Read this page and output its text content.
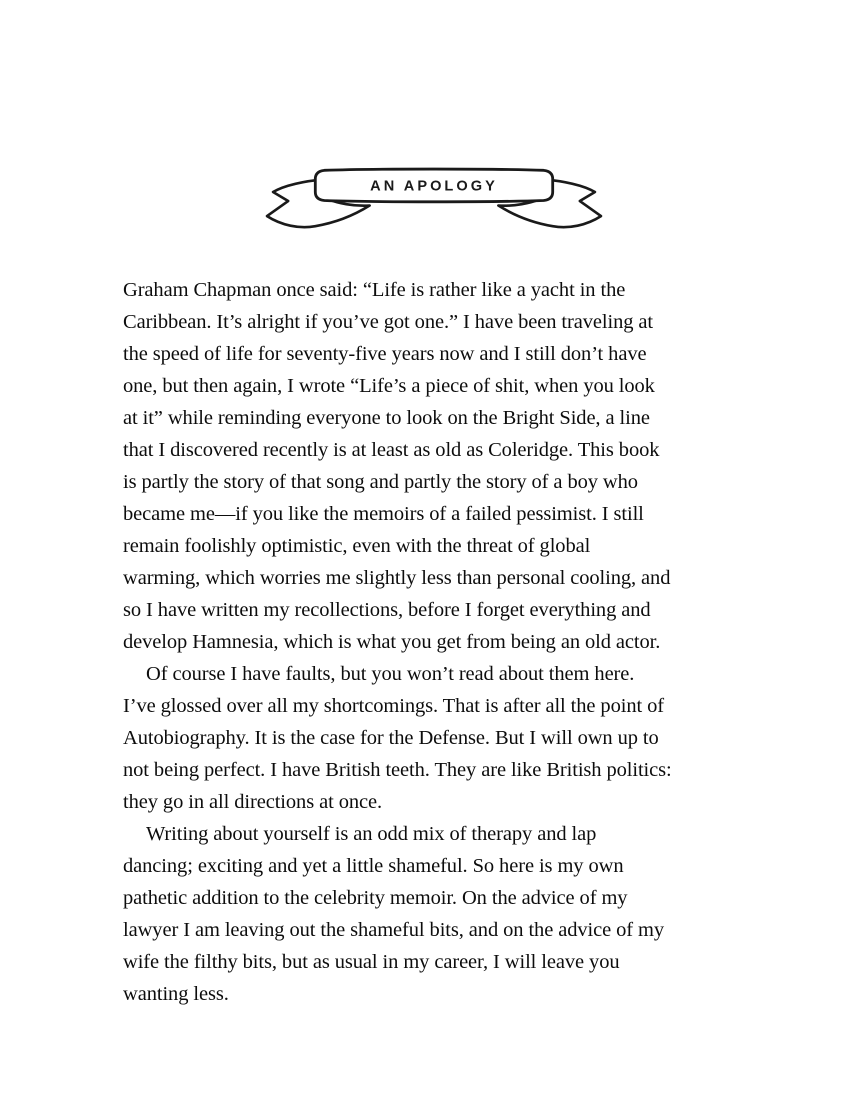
AN APOLOGY
Graham Chapman once said: “Life is rather like a yacht in the
Caribbean. It’s alright if you’ve got one.” I have been traveling at
the speed of life for seventy-five years now and I still don’t have
one, but then again, I wrote “Life’s a piece of shit, when you look
at it” while reminding everyone to look on the Bright Side, a line
that I discovered recently is at least as old as Coleridge. This book
is partly the story of that song and partly the story of a boy who
became me—if you like the memoirs of a failed pessimist. I still
remain foolishly optimistic, even with the threat of global
warming, which worries me slightly less than personal cooling, and
so I have written my recollections, before I forget everything and
develop Hamnesia, which is what you get from being an old actor.
Of course I have faults, but you won’t read about them here.
I’ve glossed over all my shortcomings. That is after all the point of
Autobiography. It is the case for the Defense. But I will own up to
not being perfect. I have British teeth. They are like British politics:
they go in all directions at once.
Writing about yourself is an odd mix of therapy and lap
dancing; exciting and yet a little shameful. So here is my own
pathetic addition to the celebrity memoir. On the advice of my
lawyer I am leaving out the shameful bits, and on the advice of my
wife the filthy bits, but as usual in my career, I will leave you
wanting less.
